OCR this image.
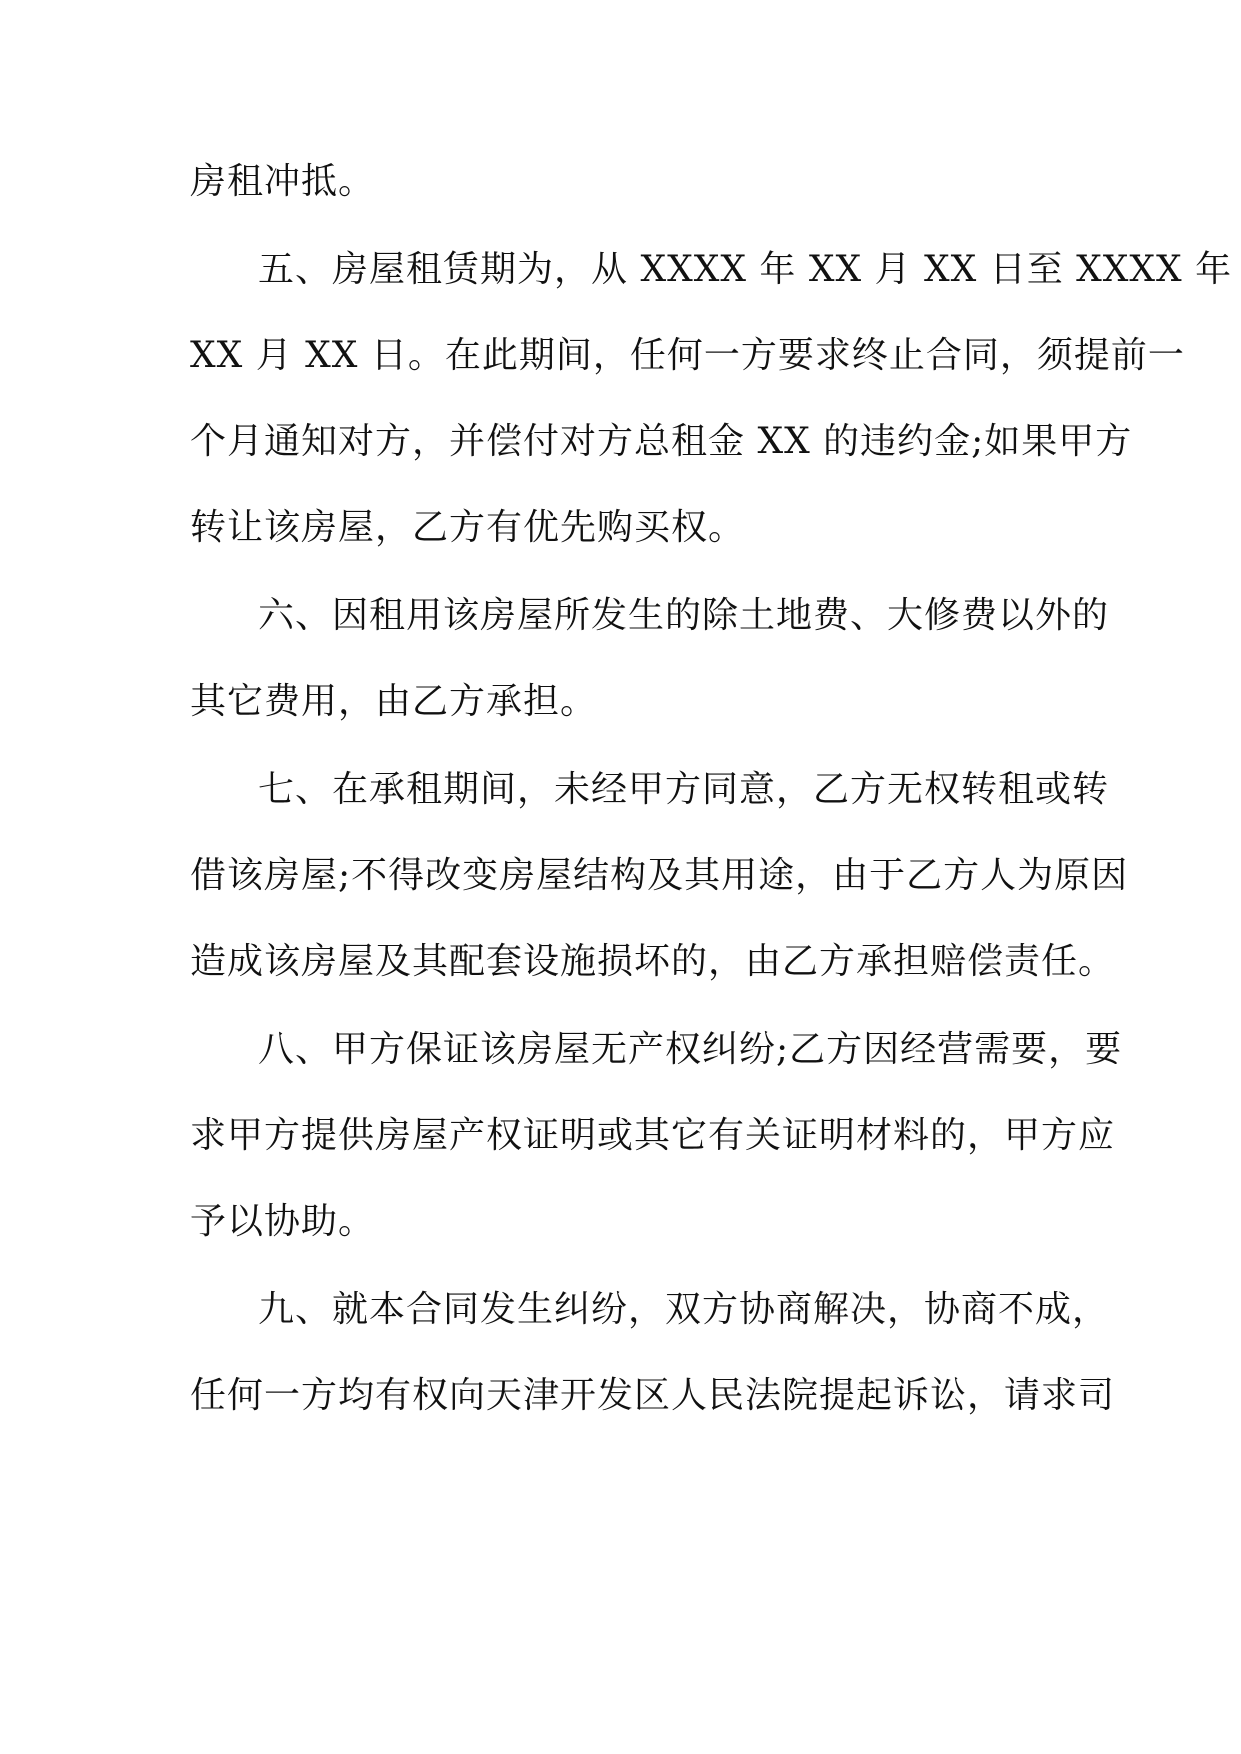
房租冲抵。
五、房屋租赁期为，从 XXXX 年 XX 月 XX 日至 XXXX 年
XX 月 XX 日。在此期间，任何一方要求终止合同，须提前一
个月通知对方，并偿付对方总租金 XX 的违约金;如果甲方
转让该房屋，乙方有优先购买权。
六、因租用该房屋所发生的除土地费、大修费以外的
其它费用，由乙方承担。
七、在承租期间，未经甲方同意，乙方无权转租或转
借该房屋;不得改变房屋结构及其用途，由于乙方人为原因
造成该房屋及其配套设施损坏的，由乙方承担赔偿责任。
八、甲方保证该房屋无产权纠纷;乙方因经营需要，要
求甲方提供房屋产权证明或其它有关证明材料的，甲方应
予以协助。
九、就本合同发生纠纷，双方协商解决，协商不成，
任何一方均有权向天津开发区人民法院提起诉讼，请求司
